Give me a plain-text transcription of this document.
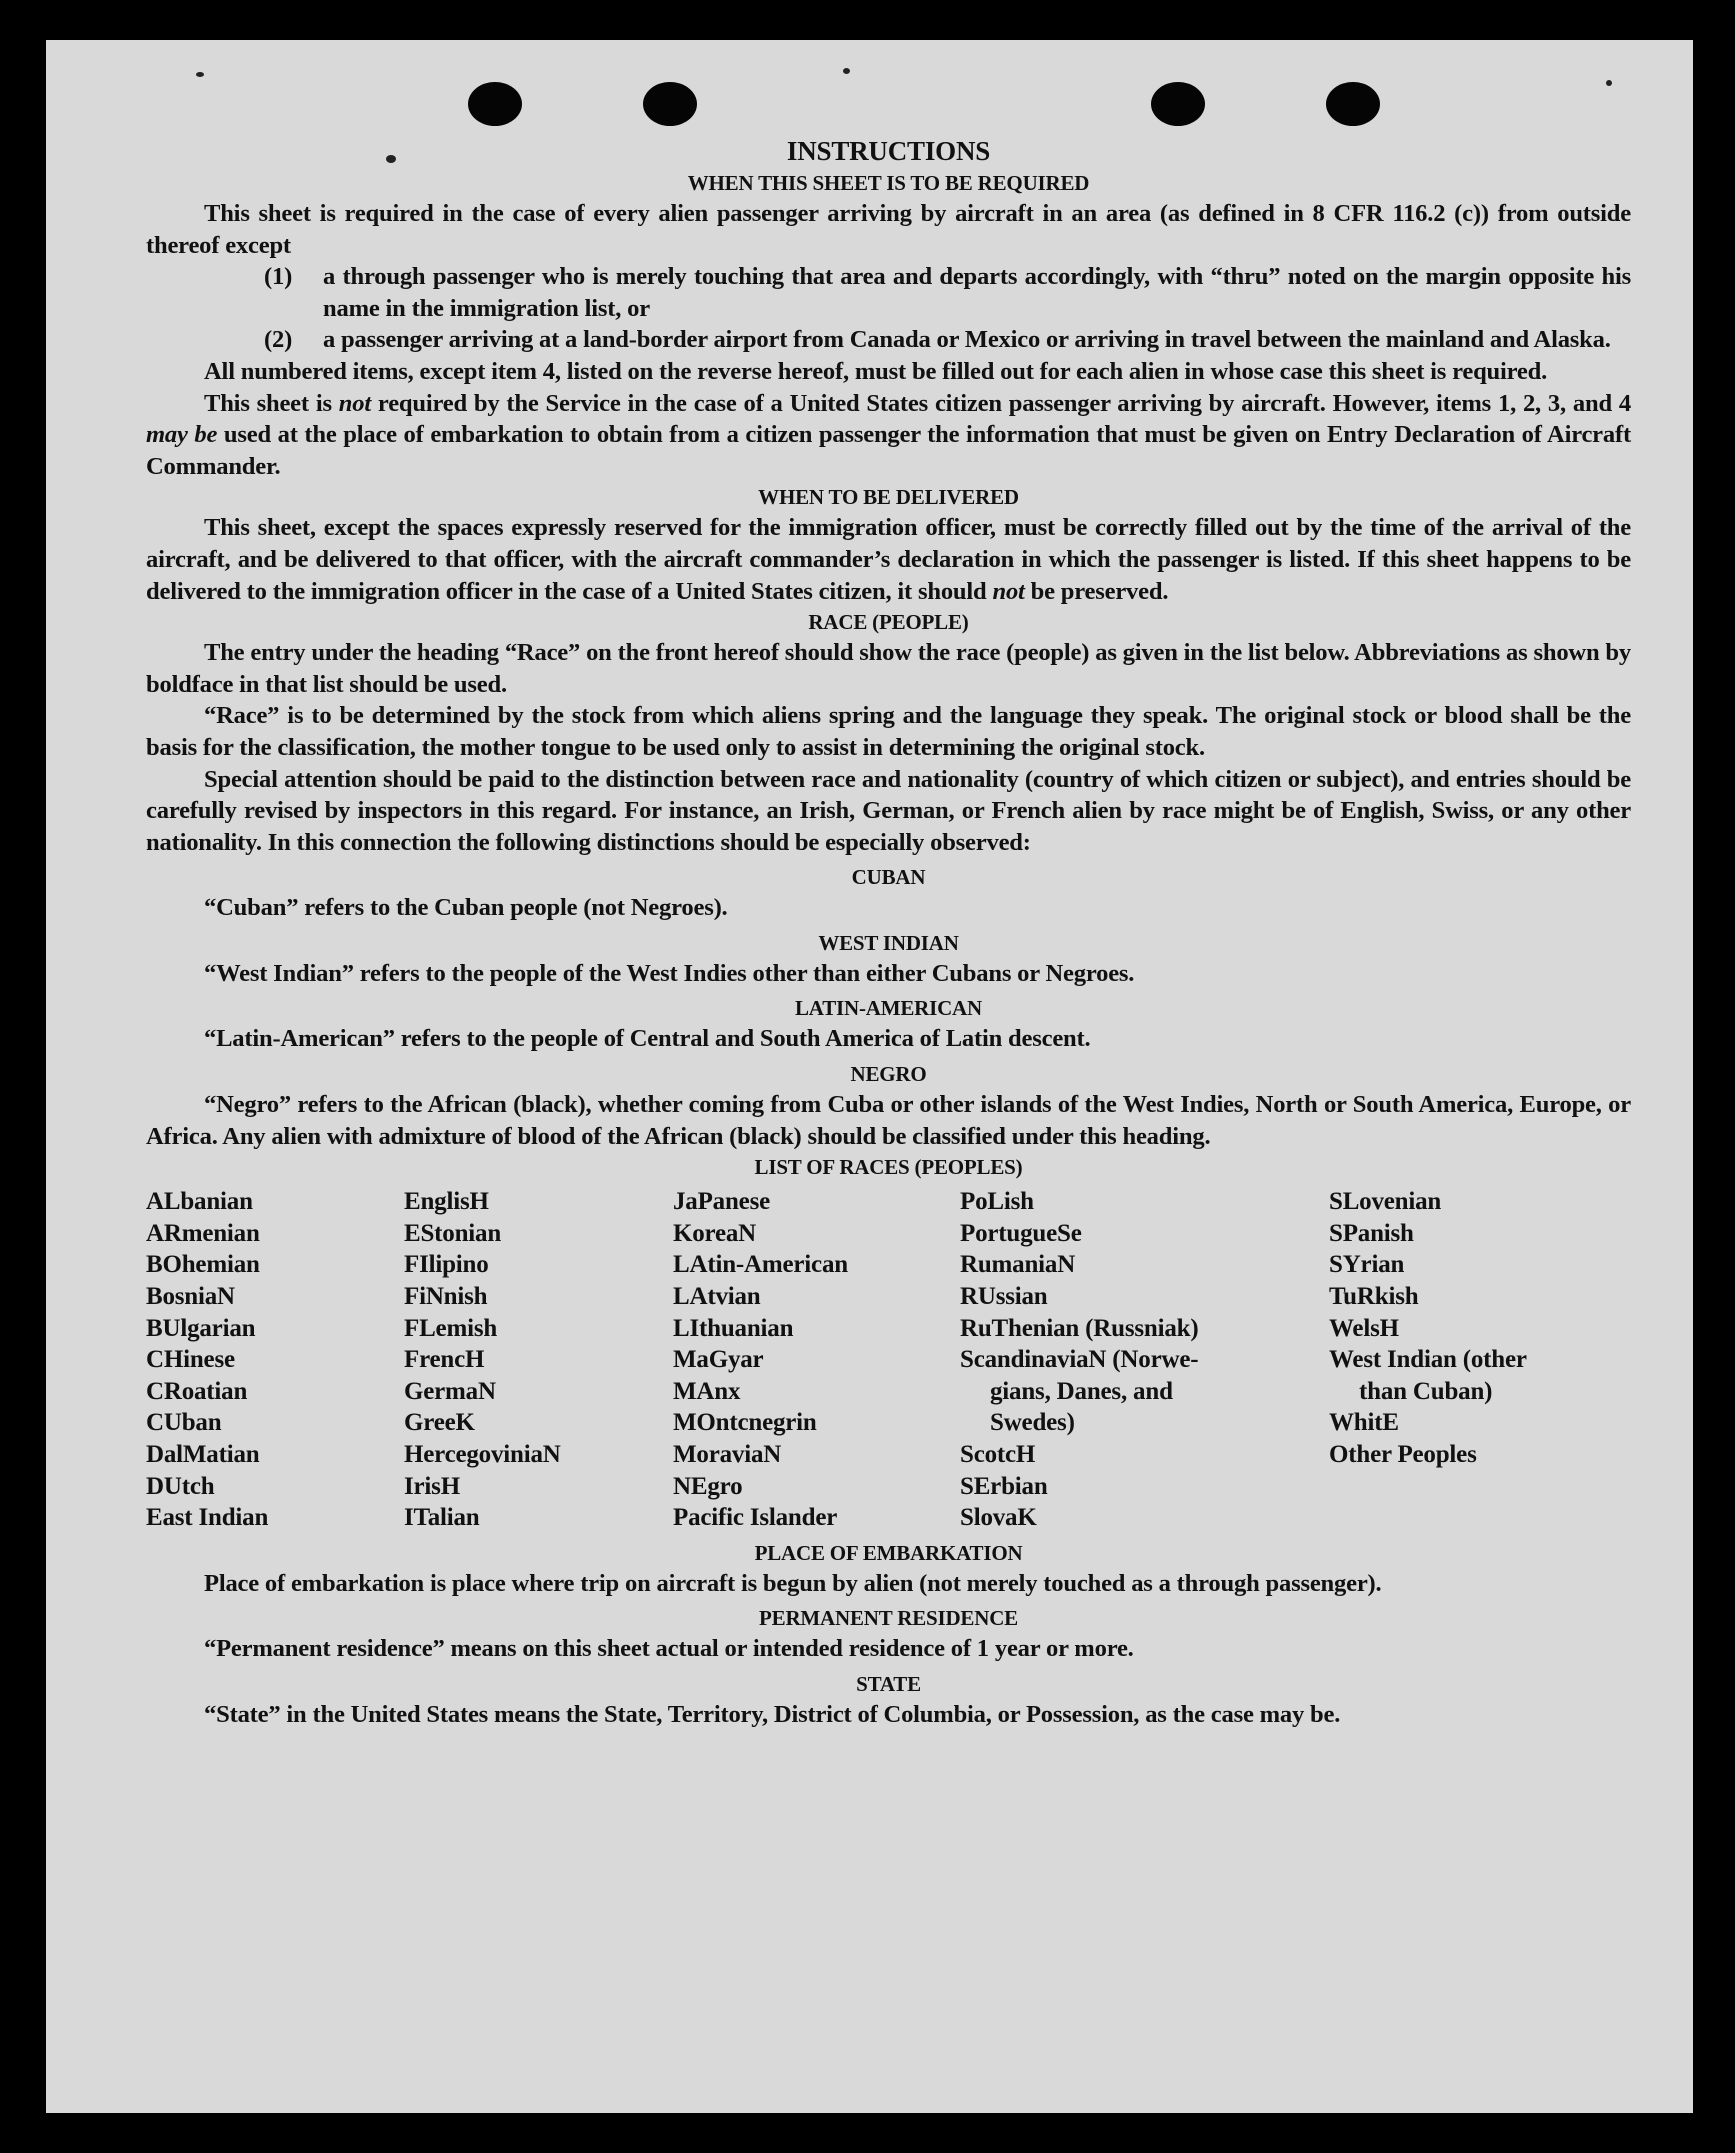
INSTRUCTIONS
WHEN THIS SHEET IS TO BE REQUIRED

This sheet is required in the case of every alien passenger arriving by aircraft in an area (as defined in 8 CFR 116.2 (c)) from outside thereof except

(1)	a through passenger who is merely touching that area and departs accordingly, with “thru” noted on the margin opposite his name in the immigration list, or
(2)	a passenger arriving at a land-border airport from Canada or Mexico or arriving in travel between the mainland and Alaska.

All numbered items, except item 4, listed on the reverse hereof, must be filled out for each alien in whose case this sheet is required.

This sheet is not required by the Service in the case of a United States citizen passenger arriving by aircraft. However, items 1, 2, 3, and 4 may be used at the place of embarkation to obtain from a citizen passenger the information that must be given on Entry Declaration of Aircraft Commander.

WHEN TO BE DELIVERED

This sheet, except the spaces expressly reserved for the immigration officer, must be correctly filled out by the time of the arrival of the aircraft, and be delivered to that officer, with the aircraft commander’s declaration in which the passenger is listed. If this sheet happens to be delivered to the immigration officer in the case of a United States citizen, it should not be preserved.

RACE (PEOPLE)

The entry under the heading “Race” on the front hereof should show the race (people) as given in the list below. Abbreviations as shown by boldface in that list should be used.

“Race” is to be determined by the stock from which aliens spring and the language they speak. The original stock or blood shall be the basis for the classification, the mother tongue to be used only to assist in determining the original stock.

Special attention should be paid to the distinction between race and nationality (country of which citizen or subject), and entries should be carefully revised by inspectors in this regard. For instance, an Irish, German, or French alien by race might be of English, Swiss, or any other nationality. In this connection the following distinctions should be especially observed:

CUBAN

“Cuban” refers to the Cuban people (not Negroes).

WEST INDIAN

“West Indian” refers to the people of the West Indies other than either Cubans or Negroes.

LATIN-AMERICAN

“Latin-American” refers to the people of Central and South America of Latin descent.

NEGRO

“Negro” refers to the African (black), whether coming from Cuba or other islands of the West Indies, North or South America, Europe, or Africa. Any alien with admixture of blood of the African (black) should be classified under this heading.

LIST OF RACES (PEOPLES)
ALbanian
ARmenian
BOhemian
BosniaN
BUlgarian
CHinese
CRoatian
CUban
DalMatian
DUtch
East Indian
EnglisH
EStonian
FIlipino
FiNnish
FLemish
FrencH
GermaN
GreeK
HercegoviniaN
IrisH
ITalian
JaPanese
KoreaN
LAtin-American
LAtvian
LIthuanian
MaGyar
MAnx
MOntcnegrin
MoraviaN
NEgro
Pacific Islander
PoLish
PortugueSe
RumaniaN
RUssian
RuThenian (Russniak)
ScandinaviaN (Norwe-
gians, Danes, and
Swedes)
ScotcH
SErbian
SlovaK
SLovenian
SPanish
SYrian
TuRkish
WelsH
West Indian (other
than Cuban)
WhitE
Other Peoples
PLACE OF EMBARKATION

Place of embarkation is place where trip on aircraft is begun by alien (not merely touched as a through passenger).

PERMANENT RESIDENCE

“Permanent residence” means on this sheet actual or intended residence of 1 year or more.

STATE

“State” in the United States means the State, Territory, District of Columbia, or Possession, as the case may be.
